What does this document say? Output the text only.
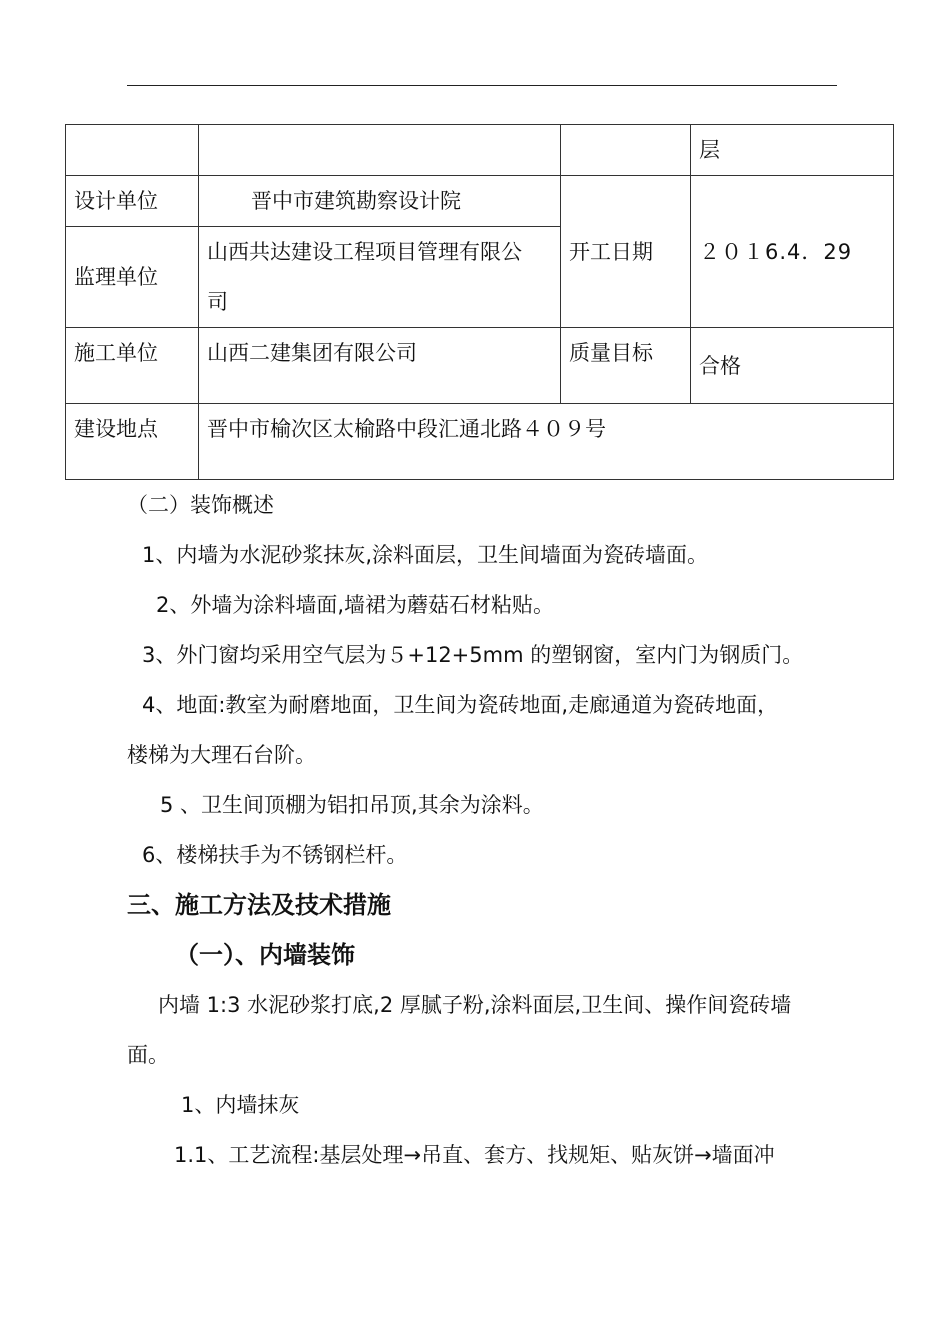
			层
设计单位	晋中市建筑勘察设计院	开工日期	２０１6.4．29
监理单位	山西共达建设工程项目管理有限公
司		

施工单位	山西二建集团有限公司	质量目标	合格
建设地点	晋中市榆次区太榆路中段汇通北路４０９号		
（二）装饰概述
1、内墙为水泥砂浆抹灰,涂料面层，卫生间墙面为瓷砖墙面。
2、外墙为涂料墙面,墙裙为蘑菇石材粘贴。
3、外门窗均采用空气层为５+12+5mm 的塑钢窗，室内门为钢质门。
4、地面:教室为耐磨地面，卫生间为瓷砖地面,走廊通道为瓷砖地面，
楼梯为大理石台阶。
5 、卫生间顶棚为铝扣吊顶,其余为涂料。
6、楼梯扶手为不锈钢栏杆。
三、施工方法及技术措施
（一）、内墙装饰
内墙 1:3 水泥砂浆打底,2 厚腻子粉,涂料面层,卫生间、操作间瓷砖墙
面。
1、内墙抹灰
1.1、工艺流程:基层处理→吊直、套方、找规矩、贴灰饼→墙面冲
